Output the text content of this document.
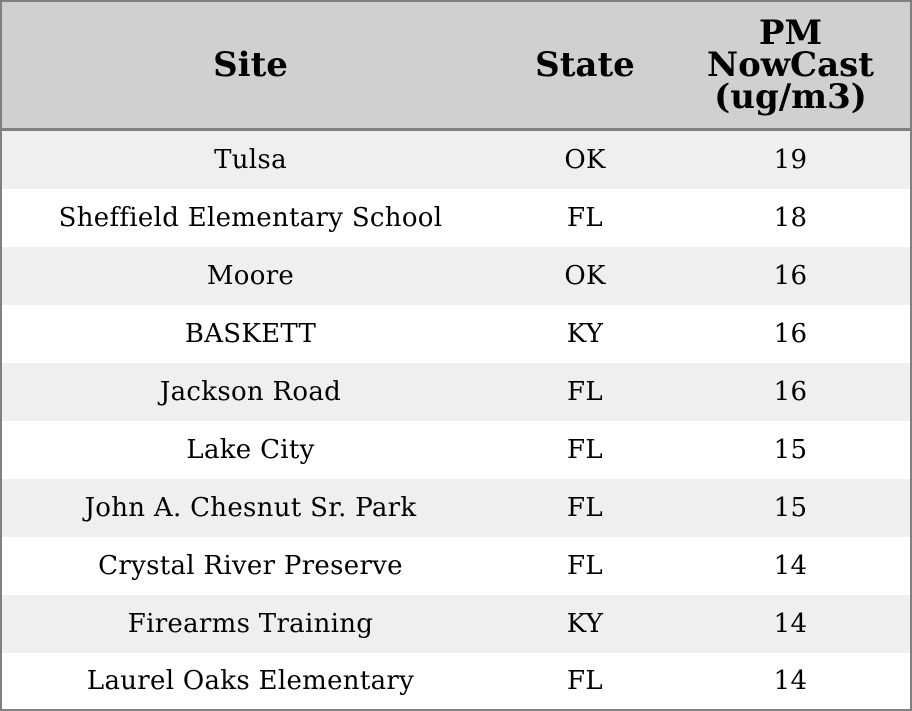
Site	State	PM
NowCast
(ug/m3)

Tulsa	OK	19
Sheffield Elementary School	FL	18
Moore	OK	16
BASKETT	KY	16
Jackson Road	FL	16
Lake City	FL	15
John A. Chesnut Sr. Park	FL	15
Crystal River Preserve	FL	14
Firearms Training	KY	14
Laurel Oaks Elementary	FL	14
